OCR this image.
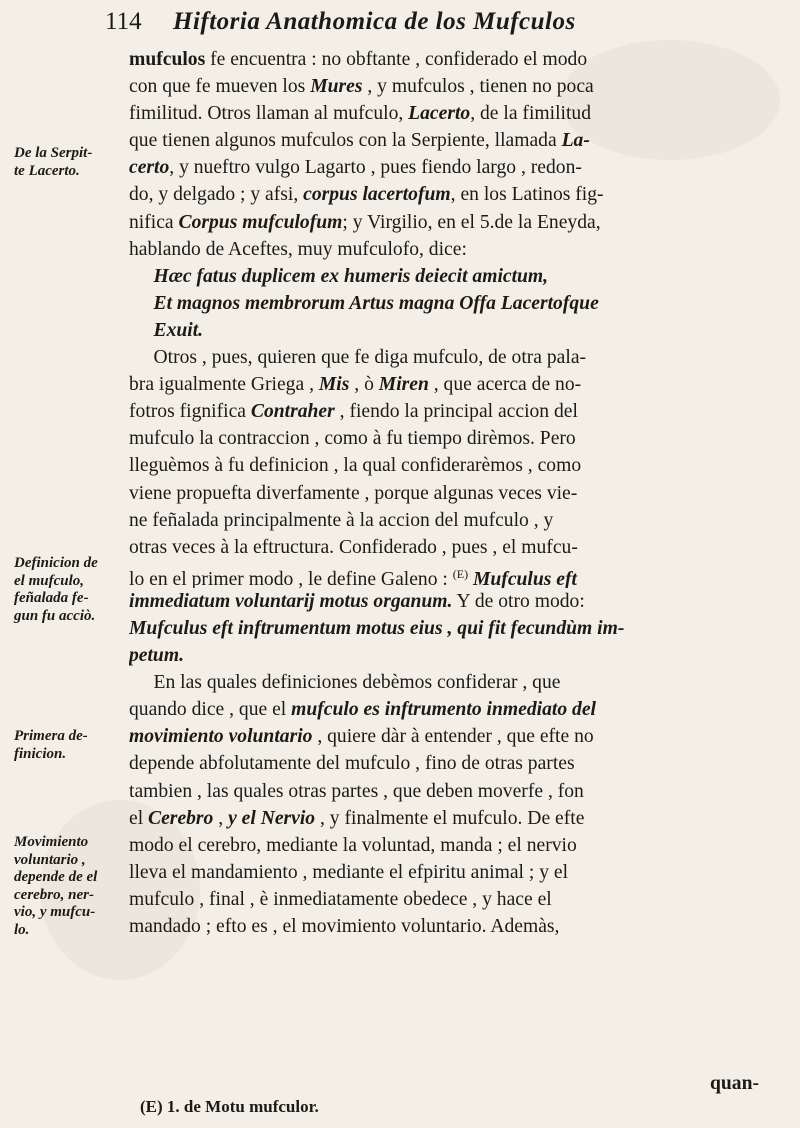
114 Hiftoria Anathomica de los Mufculos
mufculos fe encuentra : no obftante , confiderado el modo
con que fe mueven los Mures , y mufculos , tienen no poca
fimilitud. Otros llaman al mufculo, Lacerto, de la fimilitud
que tienen algunos mufculos con la Serpiente, llamada La-
certo, y nueftro vulgo Lagarto , pues fiendo largo , redon-
do, y delgado ; y afsi, corpus lacertofum, en los Latinos fig-
nifica Corpus mufculofum; y Virgilio, en el 5.de la Eneyda,
hablando de Aceftes, muy mufculofo, dice:
Hæc fatus duplicem ex humeris deiecit amictum,
Et magnos membrorum Artus magna Offa Lacertofque
Exuit.
Otros , pues, quieren que fe diga mufculo, de otra pala-
bra igualmente Griega , Mis , ò Miren , que acerca de no-
fotros fignifica Contraher , fiendo la principal accion del
mufculo la contraccion , como à fu tiempo dirèmos. Pero
lleguèmos à fu definicion , la qual confiderarèmos , como
viene propuefta diverfamente , porque algunas veces vie-
ne feñalada principalmente à la accion del mufculo , y
otras veces à la eftructura. Confiderado , pues , el mufcu-
lo en el primer modo , le define Galeno : $^{(E)}$ Mufculus eft
immediatum voluntarij motus organum. Y de otro modo:
Mufculus eft inftrumentum motus eius , qui fit fecundùm im-
petum.
En las quales definiciones debèmos confiderar , que
quando dice , que el mufculo es inftrumento inmediato del
movimiento voluntario , quiere dàr à entender , que efte no
depende abfolutamente del mufculo , fino de otras partes
tambien , las quales otras partes , que deben moverfe , fon
el Cerebro , y el Nervio , y finalmente el mufculo. De efte
modo el cerebro, mediante la voluntad, manda ; el nervio
lleva el mandamiento , mediante el efpiritu animal ; y el
mufculo , final , è inmediatamente obedece , y hace el
mandado ; efto es , el movimiento voluntario. Ademàs,
De la Serpit-
te Lacerto.
Definicion de
el mufculo,
feñalada fe-
gun fu acciò.
Primera de-
finicion.
Movimiento
voluntario ,
depende de el
cerebro, ner-
vio, y mufcu-
lo.
quan-
(E) 1. de Motu mufculor.
